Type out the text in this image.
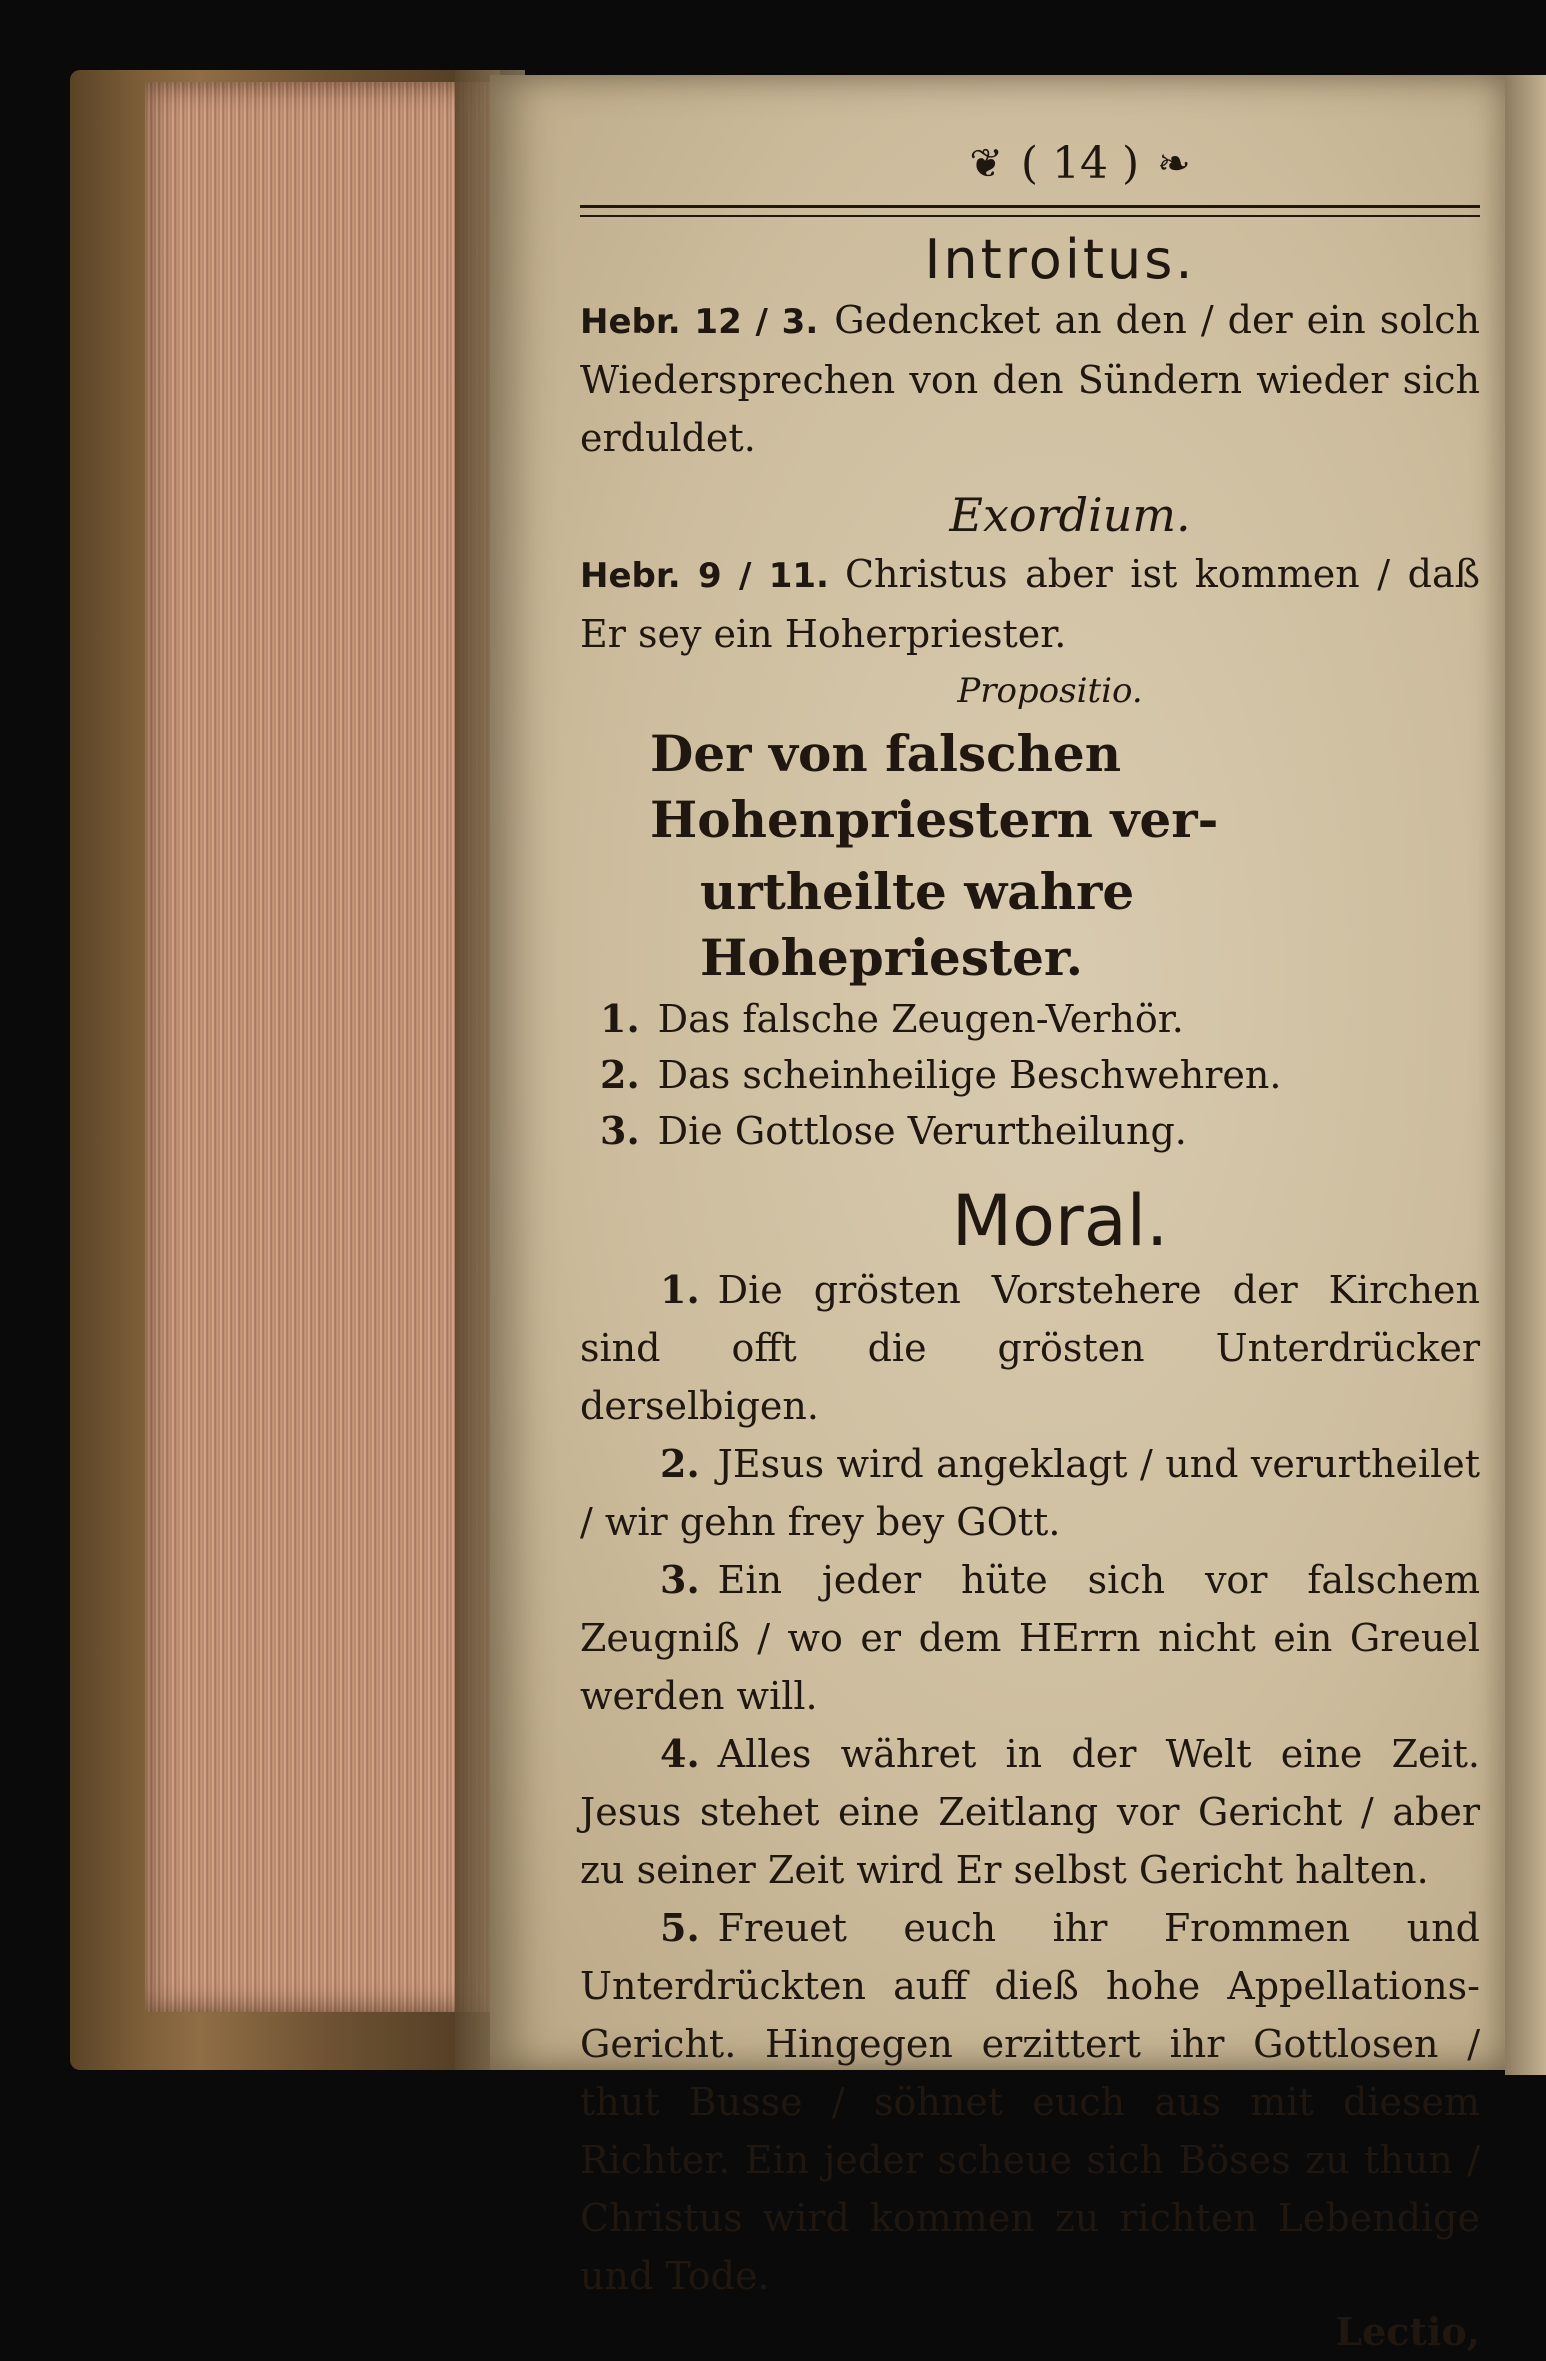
❦ ( 14 ) ❧
Introitus.
Hebr. 12 / 3. Gedencket an den / der ein solch Wiedersprechen von den Sündern wieder sich erduldet.
Exordium.
Hebr. 9 / 11. Christus aber ist kommen / daß Er sey ein Hoherpriester.
Propositio.
Der von falschen Hohenpriestern ver-
urtheilte wahre Hohepriester.
1. Das falsche Zeugen-Verhör.
2. Das scheinheilige Beschwehren.
3. Die Gottlose Verurtheilung.
Moral.
1. Die grösten Vorstehere der Kirchen sind offt die grösten Unterdrücker derselbigen.
2. JEsus wird angeklagt / und verurtheilet / wir gehn frey bey GOtt.
3. Ein jeder hüte sich vor falschem Zeugniß / wo er dem HErrn nicht ein Greuel werden will.
4. Alles währet in der Welt eine Zeit. Jesus stehet eine Zeitlang vor Gericht / aber zu seiner Zeit wird Er selbst Gericht halten.
5. Freuet euch ihr Frommen und Unterdrückten auff dieß hohe Appellations-Gericht. Hingegen erzittert ihr Gottlosen / thut Busse / söhnet euch aus mit diesem Richter. Ein jeder scheue sich Böses zu thun / Christus wird kommen zu richten Lebendige und Tode.
Lectio,
